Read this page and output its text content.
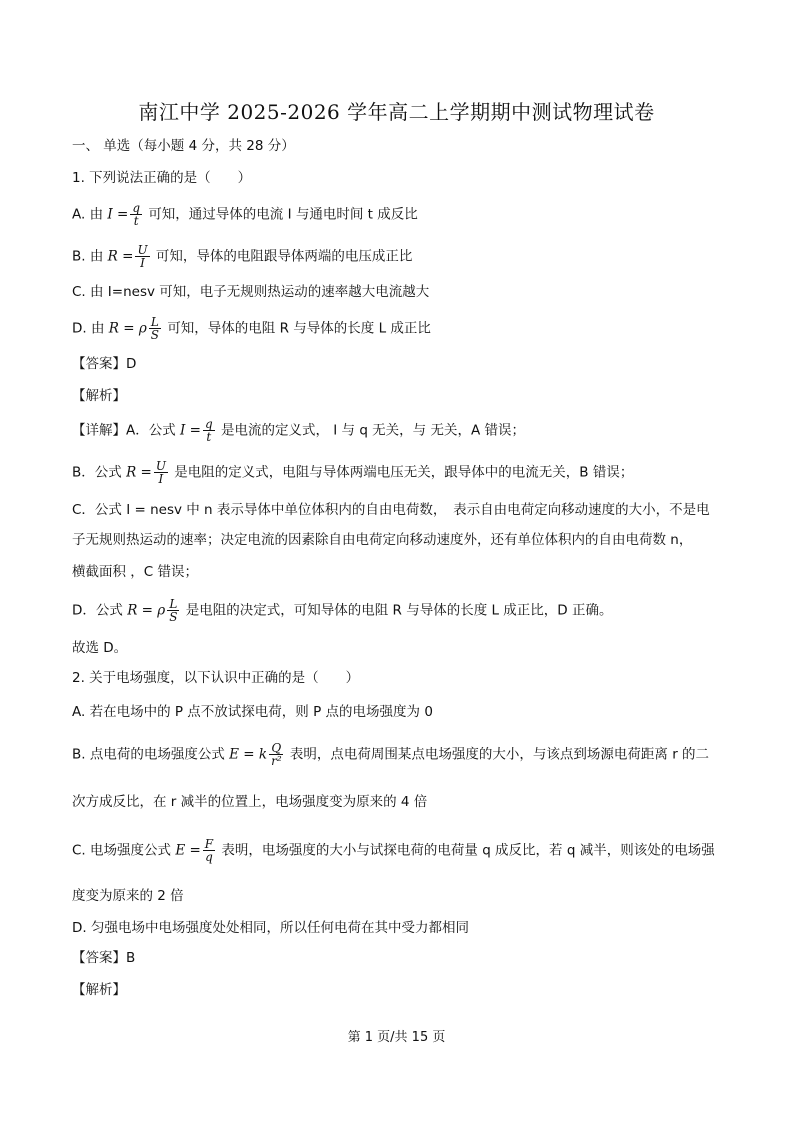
南江中学 2025-2026 学年高二上学期期中测试物理试卷
一、 单选（每小题 4 分，共 28 分）
1. 下列说法正确的是（　　）
A. 由 $I = \frac{q}{t}$ 可知，通过导体的电流 I 与通电时间 t 成反比
B. 由 $R = \frac{U}{I}$ 可知，导体的电阻跟导体两端的电压成正比
C. 由 I=nesv 可知，电子无规则热运动的速率越大电流越大
D. 由 R = ρ $\frac{L}{S}$ 可知，导体的电阻 R 与导体的长度 L 成正比
【答案】D
【解析】
【详解】A．公式 $I = \frac{q}{t}$ 是电流的定义式， I 与 q 无关，与 无关，A 错误；
B．公式 $R = \frac{U}{I}$ 是电阻的定义式，电阻与导体两端电压无关，跟导体中的电流无关，B 错误；
C．公式 I = nesv 中 n 表示导体中单位体积内的自由电荷数，　表示自由电荷定向移动速度的大小，不是电
子无规则热运动的速率；决定电流的因素除自由电荷定向移动速度外，还有单位体积内的自由电荷数 n，
横截面积 ，C 错误；
D．公式 R = ρ $\frac{L}{S}$ 是电阻的决定式，可知导体的电阻 R 与导体的长度 L 成正比，D 正确。
故选 D。
2. 关于电场强度，以下认识中正确的是（　　）
A. 若在电场中的 P 点不放试探电荷，则 P 点的电场强度为 0
B. 点电荷的电场强度公式 E = k $\frac{Q}{\text{r²}}$ 表明，点电荷周围某点电场强度的大小，与该点到场源电荷距离 r 的二
次方成反比，在 r 减半的位置上，电场强度变为原来的 4 倍
C. 电场强度公式 $E = \frac{F}{q}$ 表明，电场强度的大小与试探电荷的电荷量 q 成反比，若 q 减半，则该处的电场强
度变为原来的 2 倍
D. 匀强电场中电场强度处处相同，所以任何电荷在其中受力都相同
【答案】B
【解析】
第 1 页/共 15 页
